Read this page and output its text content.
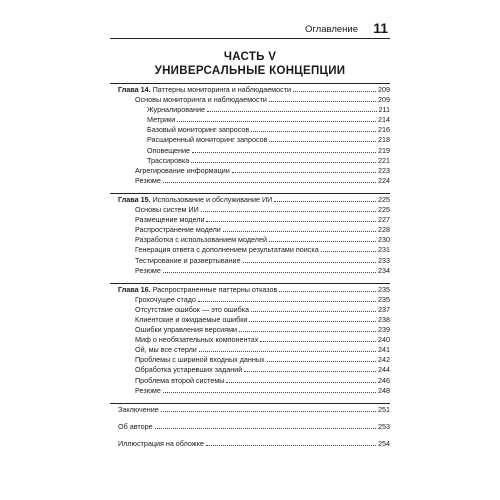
Оглавление 11
ЧАСТЬ V
УНИВЕРСАЛЬНЫЕ КОНЦЕПЦИИ
Глава 14. Паттерны мониторинга и наблюдаемости	209
Основы мониторинга и наблюдаемости	209
Журналирование	211
Метрики	214
Базовый мониторинг запросов	216
Расширенный мониторинг запросов	218
Оповещение	219
Трассировка	221
Агрегирование информации	223
Резюме	224
Глава 15. Использование и обслуживание ИИ	225
Основы систем ИИ	225
Размещение модели	227
Распространение модели	228
Разработка с использованием моделей	230
Генерация ответа с дополнением результатами поиска	231
Тестирование и развертывание	233
Резюме	234
Глава 16. Распространенные паттерны отказов	235
Грохочущее стадо	235
Отсутствие ошибок — это ошибка	237
Клиентские и ожидаемые ошибки	238
Ошибки управления версиями	239
Миф о необязательных компонентах	240
Ой, мы все стерли	241
Проблемы с шириной входных данных	242
Обработка устаревших заданий	244
Проблема второй системы	246
Резюме	248
Заключение	251
Об авторе	253
Иллюстрация на обложке	254
